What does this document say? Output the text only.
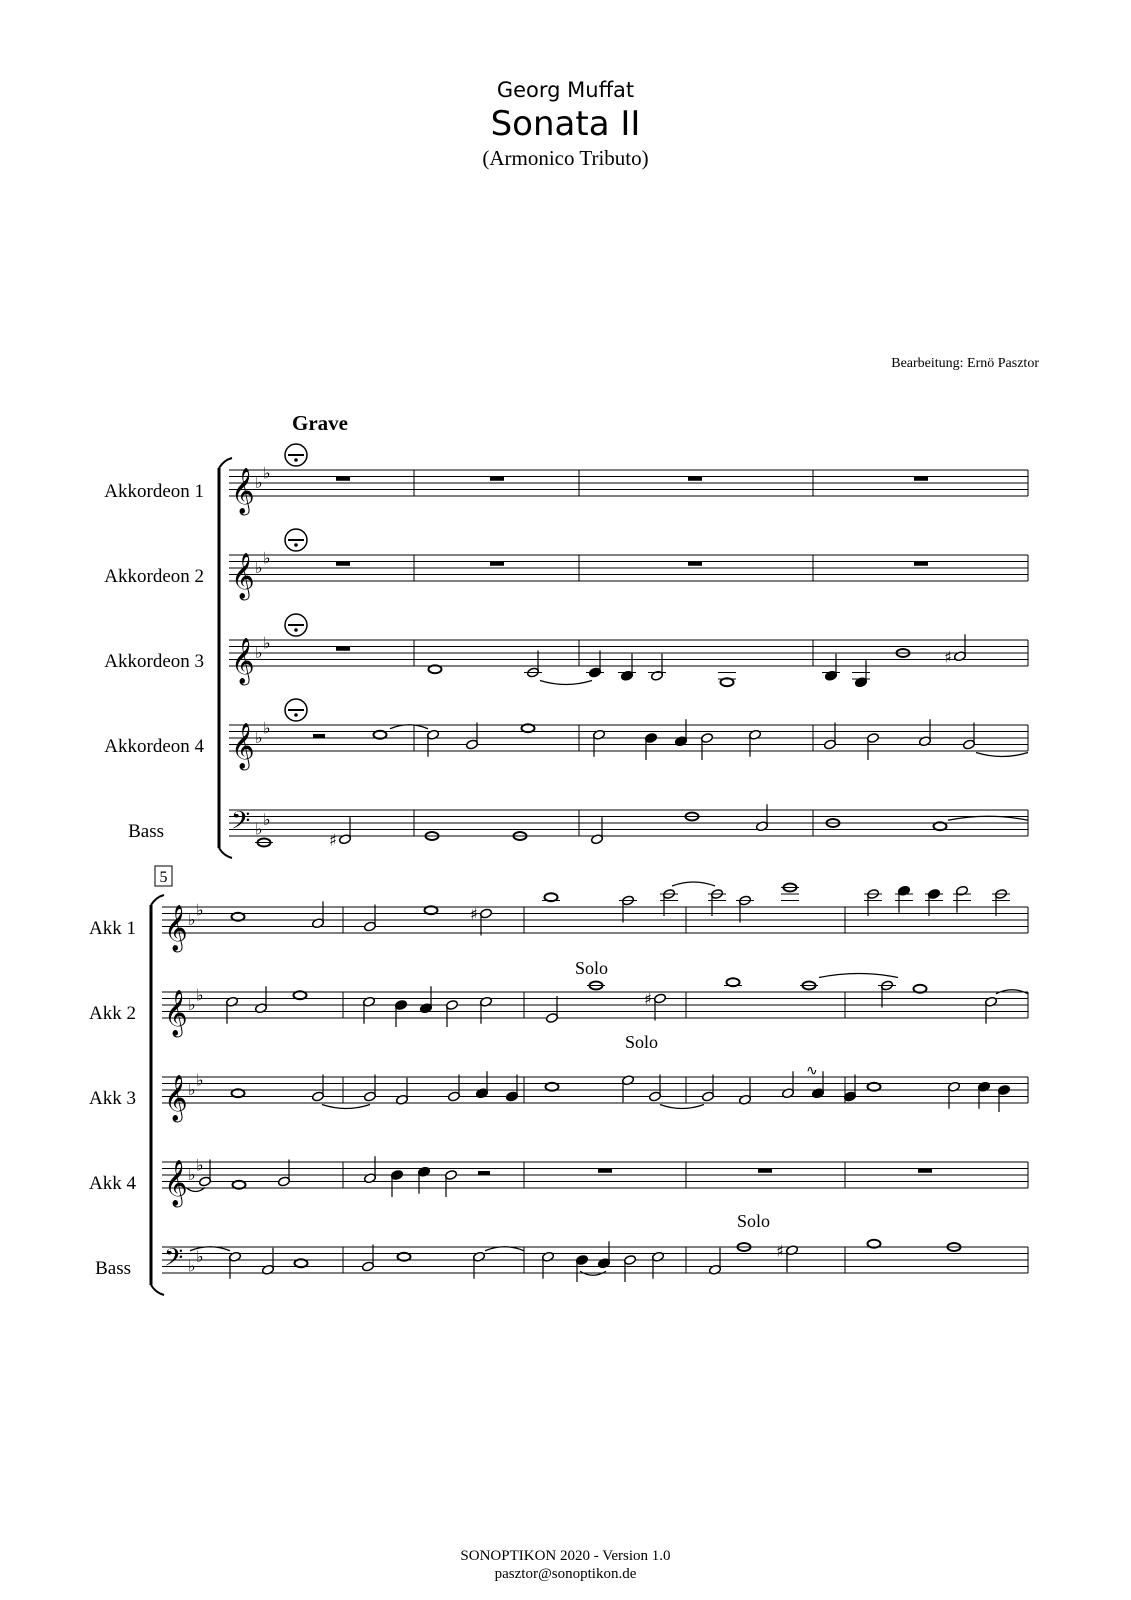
Georg Muffat
Sonata II
(Armonico Tributo)
Bearbeitung: Ernö Pasztor
Grave
Akkordeon 1
Akkordeon 2
Akkordeon 3
Akkordeon 4
Bass
𝄞 ♭
♭
𝄞 ♭
♭
𝄞 ♭
♭
𝄞 ♭
♭
𝄢 ♭
♭
♯
♯
5
Akk 1
Akk 2
Akk 3
Akk 4
Bass
Solo
Solo
Solo
𝄞 ♭
♭
𝄞 ♭
♭
𝄞 ♭
♭
𝄞 ♭
♭
𝄢 ♭
♭
♯
♯
∿
♯
SONOPTIKON 2020 - Version 1.0
pasztor@sonoptikon.de
